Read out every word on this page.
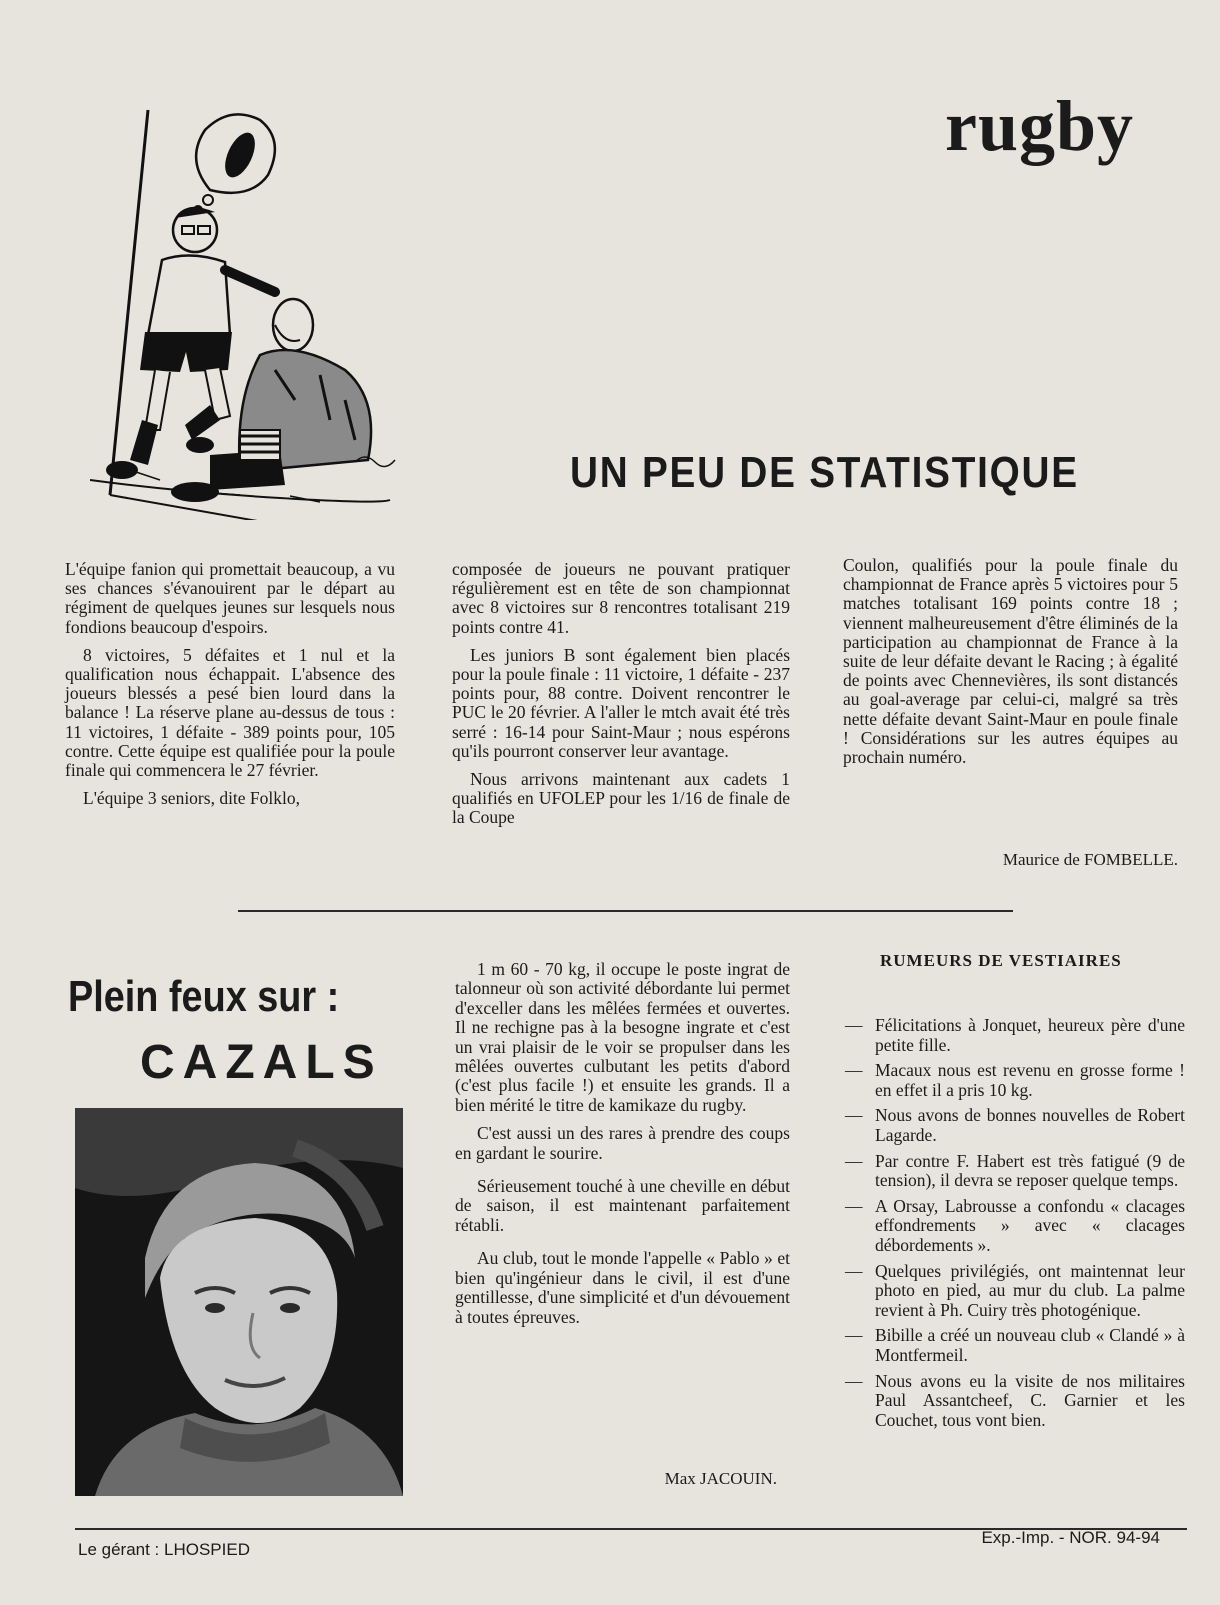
rugby
UN PEU DE STATISTIQUE

L'équipe fanion qui promettait beaucoup, a vu ses chances s'évanouirent par le départ au régiment de quelques jeunes sur lesquels nous fondions beaucoup d'espoirs.

8 victoires, 5 défaites et 1 nul et la qualification nous échappait. L'absence des joueurs blessés a pesé bien lourd dans la balance ! La réserve plane au-dessus de tous : 11 victoires, 1 défaite - 389 points pour, 105 contre. Cette équipe est qualifiée pour la poule finale qui commencera le 27 février.

L'équipe 3 seniors, dite Folklo,

composée de joueurs ne pouvant pratiquer régulièrement est en tête de son championnat avec 8 victoires sur 8 rencontres totalisant 219 points contre 41.

Les juniors B sont également bien placés pour la poule finale : 11 victoire, 1 défaite - 237 points pour, 88 contre. Doivent rencontrer le PUC le 20 février. A l'aller le mtch avait été très serré : 16-14 pour Saint-Maur ; nous espérons qu'ils pourront conserver leur avantage.

Nous arrivons maintenant aux cadets 1 qualifiés en UFOLEP pour les 1/16 de finale de la Coupe

Coulon, qualifiés pour la poule finale du championnat de France après 5 victoires pour 5 matches totalisant 169 points contre 18 ; viennent malheureusement d'être éliminés de la participation au championnat de France à la suite de leur défaite devant le Racing ; à égalité de points avec Chennevières, ils sont distancés au goal-average par celui-ci, malgré sa très nette défaite devant Saint-Maur en poule finale ! Considérations sur les autres équipes au prochain numéro.

Maurice de FOMBELLE.
Plein feux sur :
CAZALS

1 m 60 - 70 kg, il occupe le poste ingrat de talonneur où son activité débordante lui permet d'exceller dans les mêlées fermées et ouvertes. Il ne rechigne pas à la besogne ingrate et c'est un vrai plaisir de le voir se propulser dans les mêlées ouvertes culbutant les petits d'abord (c'est plus facile !) et ensuite les grands. Il a bien mérité le titre de kamikaze du rugby.

C'est aussi un des rares à prendre des coups en gardant le sourire.

Sérieusement touché à une cheville en début de saison, il est maintenant parfaitement rétabli.

Au club, tout le monde l'appelle « Pablo » et bien qu'ingénieur dans le civil, il est d'une gentillesse, d'une simplicité et d'un dévouement à toutes épreuves.

Max JACOUIN.
RUMEURS DE VESTIAIRES
— Félicitations à Jonquet, heureux père d'une petite fille.
— Macaux nous est revenu en grosse forme ! en effet il a pris 10 kg.
— Nous avons de bonnes nouvelles de Robert Lagarde.
— Par contre F. Habert est très fatigué (9 de tension), il devra se reposer quelque temps.
— A Orsay, Labrousse a confondu « clacages effondrements » avec « clacages débordements ».
— Quelques privilégiés, ont maintennat leur photo en pied, au mur du club. La palme revient à Ph. Cuiry très photogénique.
— Bibille a créé un nouveau club « Clandé » à Montfermeil.
— Nous avons eu la visite de nos militaires Paul Assantcheef, C. Garnier et les Couchet, tous vont bien.
Le gérant : LHOSPIED
Exp.-Imp. - NOR. 94-94
